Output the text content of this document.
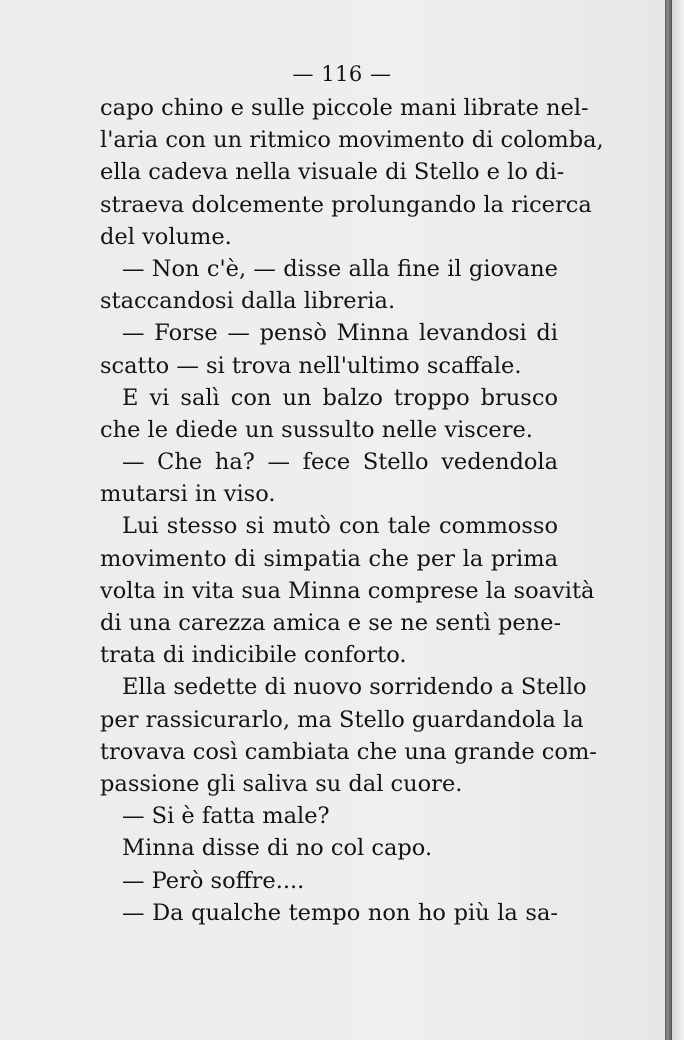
— 116 —
capo chino e sulle piccole mani librate nel-
l'aria con un ritmico movimento di colomba,
ella cadeva nella visuale di Stello e lo di-
straeva dolcemente prolungando la ricerca
del volume.
— Non c'è, — disse alla fine il giovane
staccandosi dalla libreria.
— Forse — pensò Minna levandosi di
scatto — si trova nell'ultimo scaffale.
E vi salì con un balzo troppo brusco
che le diede un sussulto nelle viscere.
— Che ha? — fece Stello vedendola
mutarsi in viso.
Lui stesso si mutò con tale commosso
movimento di simpatia che per la prima
volta in vita sua Minna comprese la soavità
di una carezza amica e se ne sentì pene-
trata di indicibile conforto.
Ella sedette di nuovo sorridendo a Stello
per rassicurarlo, ma Stello guardandola la
trovava così cambiata che una grande com-
passione gli saliva su dal cuore.
— Si è fatta male?
Minna disse di no col capo.
— Però soffre....
— Da qualche tempo non ho più la sa-
